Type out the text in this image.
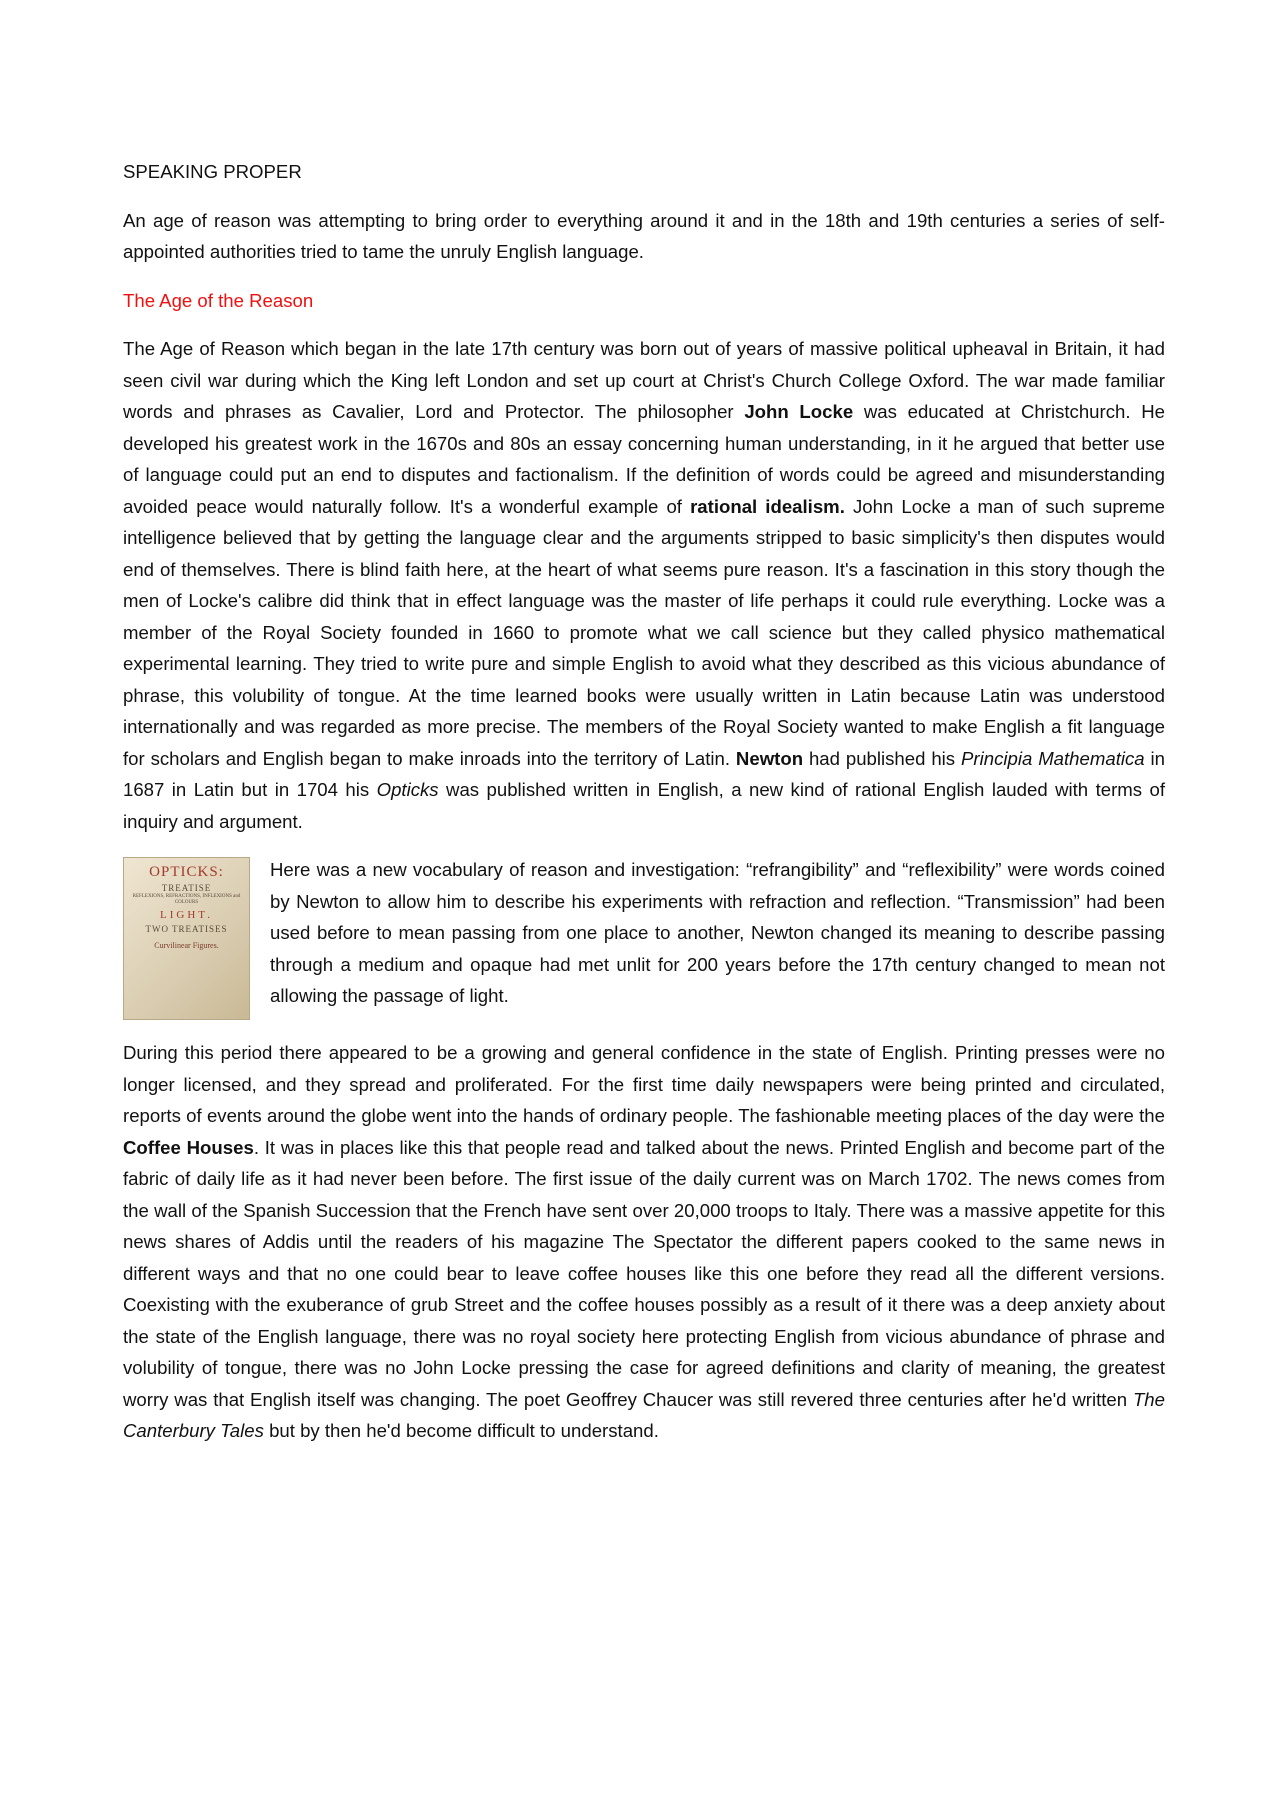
SPEAKING PROPER

An age of reason was attempting to bring order to everything around it and in the 18th and 19th centuries a series of self-appointed authorities tried to tame the unruly English language.

The Age of the Reason

The Age of Reason which began in the late 17th century was born out of years of massive political upheaval in Britain, it had seen civil war during which the King left London and set up court at Christ's Church College Oxford. The war made familiar words and phrases as Cavalier, Lord and Protector. The philosopher John Locke was educated at Christchurch. He developed his greatest work in the 1670s and 80s an essay concerning human understanding, in it he argued that better use of language could put an end to disputes and factionalism. If the definition of words could be agreed and misunderstanding avoided peace would naturally follow. It's a wonderful example of rational idealism. John Locke a man of such supreme intelligence believed that by getting the language clear and the arguments stripped to basic simplicity's then disputes would end of themselves. There is blind faith here, at the heart of what seems pure reason. It's a fascination in this story though the men of Locke's calibre did think that in effect language was the master of life perhaps it could rule everything. Locke was a member of the Royal Society founded in 1660 to promote what we call science but they called physico mathematical experimental learning. They tried to write pure and simple English to avoid what they described as this vicious abundance of phrase, this volubility of tongue. At the time learned books were usually written in Latin because Latin was understood internationally and was regarded as more precise. The members of the Royal Society wanted to make English a fit language for scholars and English began to make inroads into the territory of Latin. Newton had published his Principia Mathematica in 1687 in Latin but in 1704 his Opticks was published written in English, a new kind of rational English lauded with terms of inquiry and argument.

OPTICKS:
TREATISE
REFLEXIONS, REFRACTIONS, INFLEXIONS and COLOURS
LIGHT.
TWO TREATISES
Curvilinear Figures.

Here was a new vocabulary of reason and investigation: “refrangibility” and “reflexibility” were words coined by Newton to allow him to describe his experiments with refraction and reflection. “Transmission” had been used before to mean passing from one place to another, Newton changed its meaning to describe passing through a medium and opaque had met unlit for 200 years before the 17th century changed to mean not allowing the passage of light.

During this period there appeared to be a growing and general confidence in the state of English. Printing presses were no longer licensed, and they spread and proliferated. For the first time daily newspapers were being printed and circulated, reports of events around the globe went into the hands of ordinary people. The fashionable meeting places of the day were the Coffee Houses. It was in places like this that people read and talked about the news. Printed English and become part of the fabric of daily life as it had never been before. The first issue of the daily current was on March 1702. The news comes from the wall of the Spanish Succession that the French have sent over 20,000 troops to Italy. There was a massive appetite for this news shares of Addis until the readers of his magazine The Spectator the different papers cooked to the same news in different ways and that no one could bear to leave coffee houses like this one before they read all the different versions. Coexisting with the exuberance of grub Street and the coffee houses possibly as a result of it there was a deep anxiety about the state of the English language, there was no royal society here protecting English from vicious abundance of phrase and volubility of tongue, there was no John Locke pressing the case for agreed definitions and clarity of meaning, the greatest worry was that English itself was changing. The poet Geoffrey Chaucer was still revered three centuries after he'd written The Canterbury Tales but by then he'd become difficult to understand.
